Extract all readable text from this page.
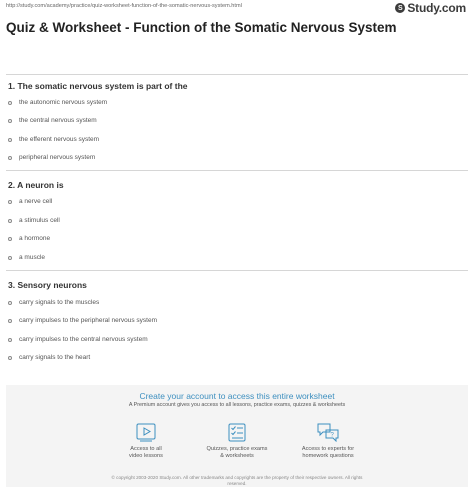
http://study.com/academy/practice/quiz-worksheet-function-of-the-somatic-nervous-system.html	S Study.com
Quiz & Worksheet - Function of the Somatic Nervous System
1. The somatic nervous system is part of the
the autonomic nervous system
the central nervous system
the efferent nervous system
peripheral nervous system
2. A neuron is
a nerve cell
a stimulus cell
a hormone
a muscle
3. Sensory neurons
carry signals to the muscles
carry impulses to the peripheral nervous system
carry impulses to the central nervous system
carry signals to the heart
Create your account to access this entire worksheet
A Premium account gives you access to all lessons, practice exams, quizzes & worksheets
Access to all
video lessons
Quizzes, practice exams
& worksheets
?
Access to experts for
homework questions
© copyright 2003-2020 Study.com. All other trademarks and copyrights are the property of their respective owners. All rights
reserved.
